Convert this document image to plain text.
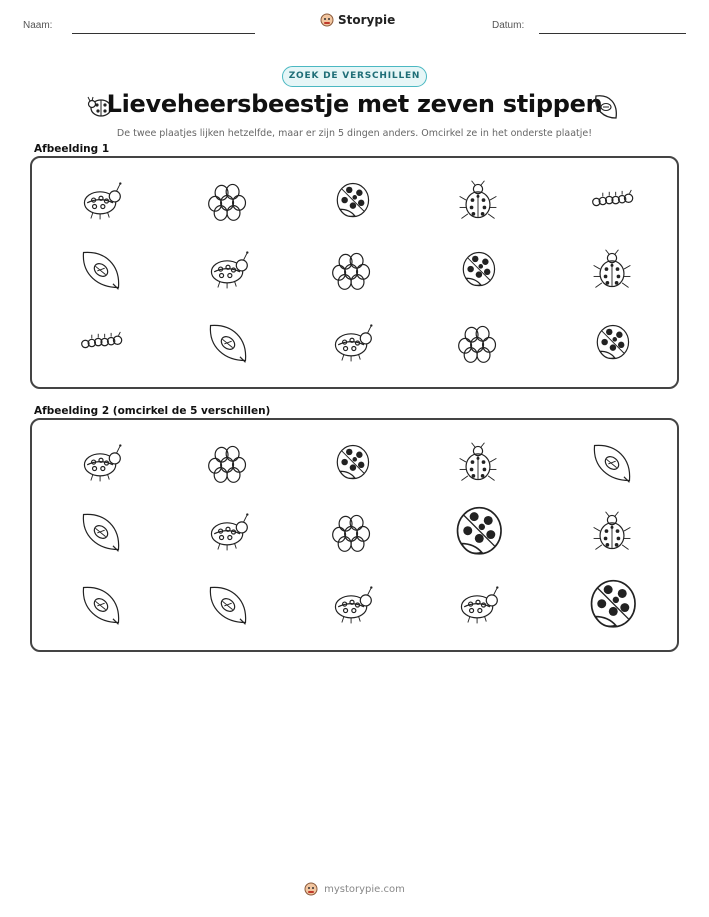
Naam:	Storypie	Datum:
ZOEK DE VERSCHILLEN
Lieveheersbeestje met zeven stippen
De twee plaatjes lijken hetzelfde, maar er zijn 5 dingen anders. Omcirkel ze in het onderste plaatje!
Afbeelding 1
Afbeelding 2 (omcirkel de 5 verschillen)
mystorypie.com
